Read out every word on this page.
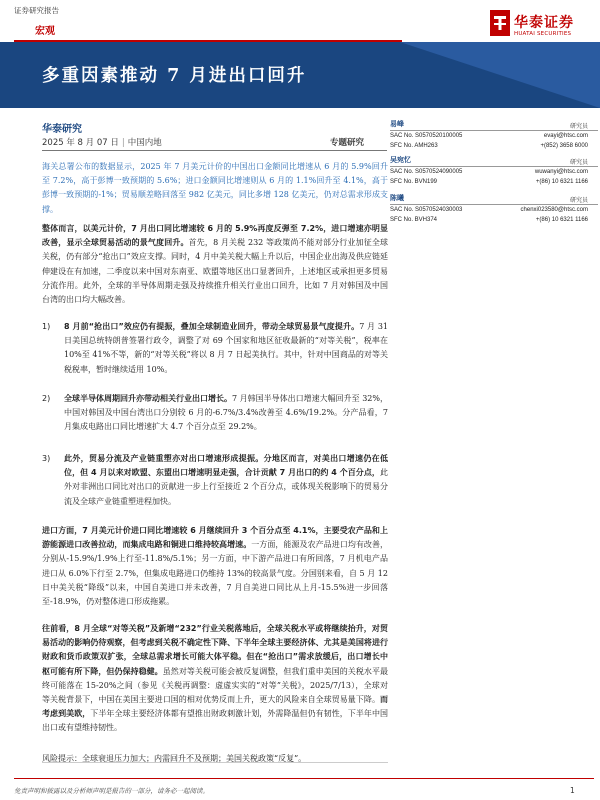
证券研究报告
宏观
华泰证券
HUATAI SECURITIES
多重因素推动 7 月进出口回升
华泰研究
2025 年 8 月 07 日 | 中国内地	专题研究
海关总署公布的数据显示，2025 年 7 月美元计价的中国出口金额同比增速从 6 月的 5.9%回升至 7.2%，高于彭博一致预期的 5.6%；进口金额同比增速则从 6 月的 1.1%回升至 4.1%，高于彭博一致预期的-1%；贸易顺差略回落至 982 亿美元，同比多增 128 亿美元，仍对总需求形成支撑。
整体而言，以美元计价，7 月出口同比增速较 6 月的 5.9%再度反弹至 7.2%，进口增速亦明显改善，显示全球贸易活动的景气度回升。首先，8 月关税 232 等政策尚不能对部分行业加征全球关税，仍有部分“抢出口”效应支撑。同时，4 月中美关税大幅上升以后，中国企业出海及供应链延伸建设在有加速，二季度以来中国对东南亚、欧盟等地区出口显著回升，上述地区或承担更多贸易分流作用。此外，全球的半导体周期走强及持续推升相关行业出口回升，比如 7 月对韩国及中国台湾的出口均大幅改善。
1) 8 月前“抢出口”效应仍有提振，叠加全球制造业回升，带动全球贸易景气度提升。7 月 31 日美国总统特朗普签署行政令，调整了对 69 个国家和地区征收最新的“对等关税”，税率在 10%至 41%不等，新的“对等关税”将以 8 月 7 日起美执行。其中，针对中国商品的对等关税税率，暂时继续适用 10%。
2) 全球半导体周期回升亦带动相关行业出口增长。7 月韩国半导体出口增速大幅回升至 32%，中国对韩国及中国台湾出口分别较 6 月的-6.7%/3.4%改善至 4.6%/19.2%。分产品看，7 月集成电路出口同比增速扩大 4.7 个百分点至 29.2%。
3) 此外，贸易分流及产业链重塑亦对出口增速形成提振。分地区而言，对美出口增速仍在低位，但 4 月以来对欧盟、东盟出口增速明显走强，合计贡献 7 月出口的约 4 个百分点，此外对非洲出口同比对出口的贡献进一步上行至接近 2 个百分点，或体现关税影响下的贸易分流及全球产业链重塑进程加快。
进口方面，7 月美元计价进口同比增速较 6 月继续回升 3 个百分点至 4.1%，主要受农产品和上游能源进口改善拉动，而集成电路和铜进口维持较高增速。一方面，能源及农产品进口均有改善，分别从-15.9%/1.9%上行至-11.8%/5.1%；另一方面，中下游产品进口有所回落，7 月机电产品进口从 6.0%下行至 2.7%，但集成电路进口仍维持 13%的较高景气度。分国别来看，自 5 月 12 日中美关税“降级”以来，中国自美进口并未改善，7 月自美进口同比从上月-15.5%进一步回落至-18.9%，仍对整体进口形成拖累。
往前看，8 月全球“对等关税”及新增“232”行业关税落地后，全球关税水平或将继续抬升，对贸易活动的影响仍待观察，但考虑到关税不确定性下降、下半年全球主要经济体、尤其是美国将进行财政和货币政策双扩张，全球总需求增长可能大体平稳。但在“抢出口”需求放缓后，出口增长中枢可能有所下降，但仍保持稳健。虽然对等关税可能会被反复调整，但我们重申美国的关税水平最终可能落在 15-20%之间（参见《关税再调整：虚虚实实的“对等”关税》，2025/7/13），全球对等关税背景下，中国在美国主要进口国的相对优势反而上升，更大的风险来自全球贸易量下降。而考虑到美欧，下半年全球主要经济体都有望推出财政刺激计划，外需降温但仍有韧性，下半年中国出口或有望维持韧性。
风险提示：全球衰退压力加大；内需回升不及预期；美国关税政策“反复”。
易峰	研究员
SAC No. S0570520100005	evayi@htsc.com
SFC No. AMH263	+(852) 3658 6000
吴宛忆	研究员
SAC No. S0570524090005	wuwanyi@htsc.com
SFC No. BVN199	+(86) 10 6321 1166
陈曦	研究员
SAC No. S0570524030003	chenxi023580@htsc.com
SFC No. BVH374	+(86) 10 6321 1166
免责声明和披露以及分析师声明是报告的一部分，请务必一起阅读。	1
